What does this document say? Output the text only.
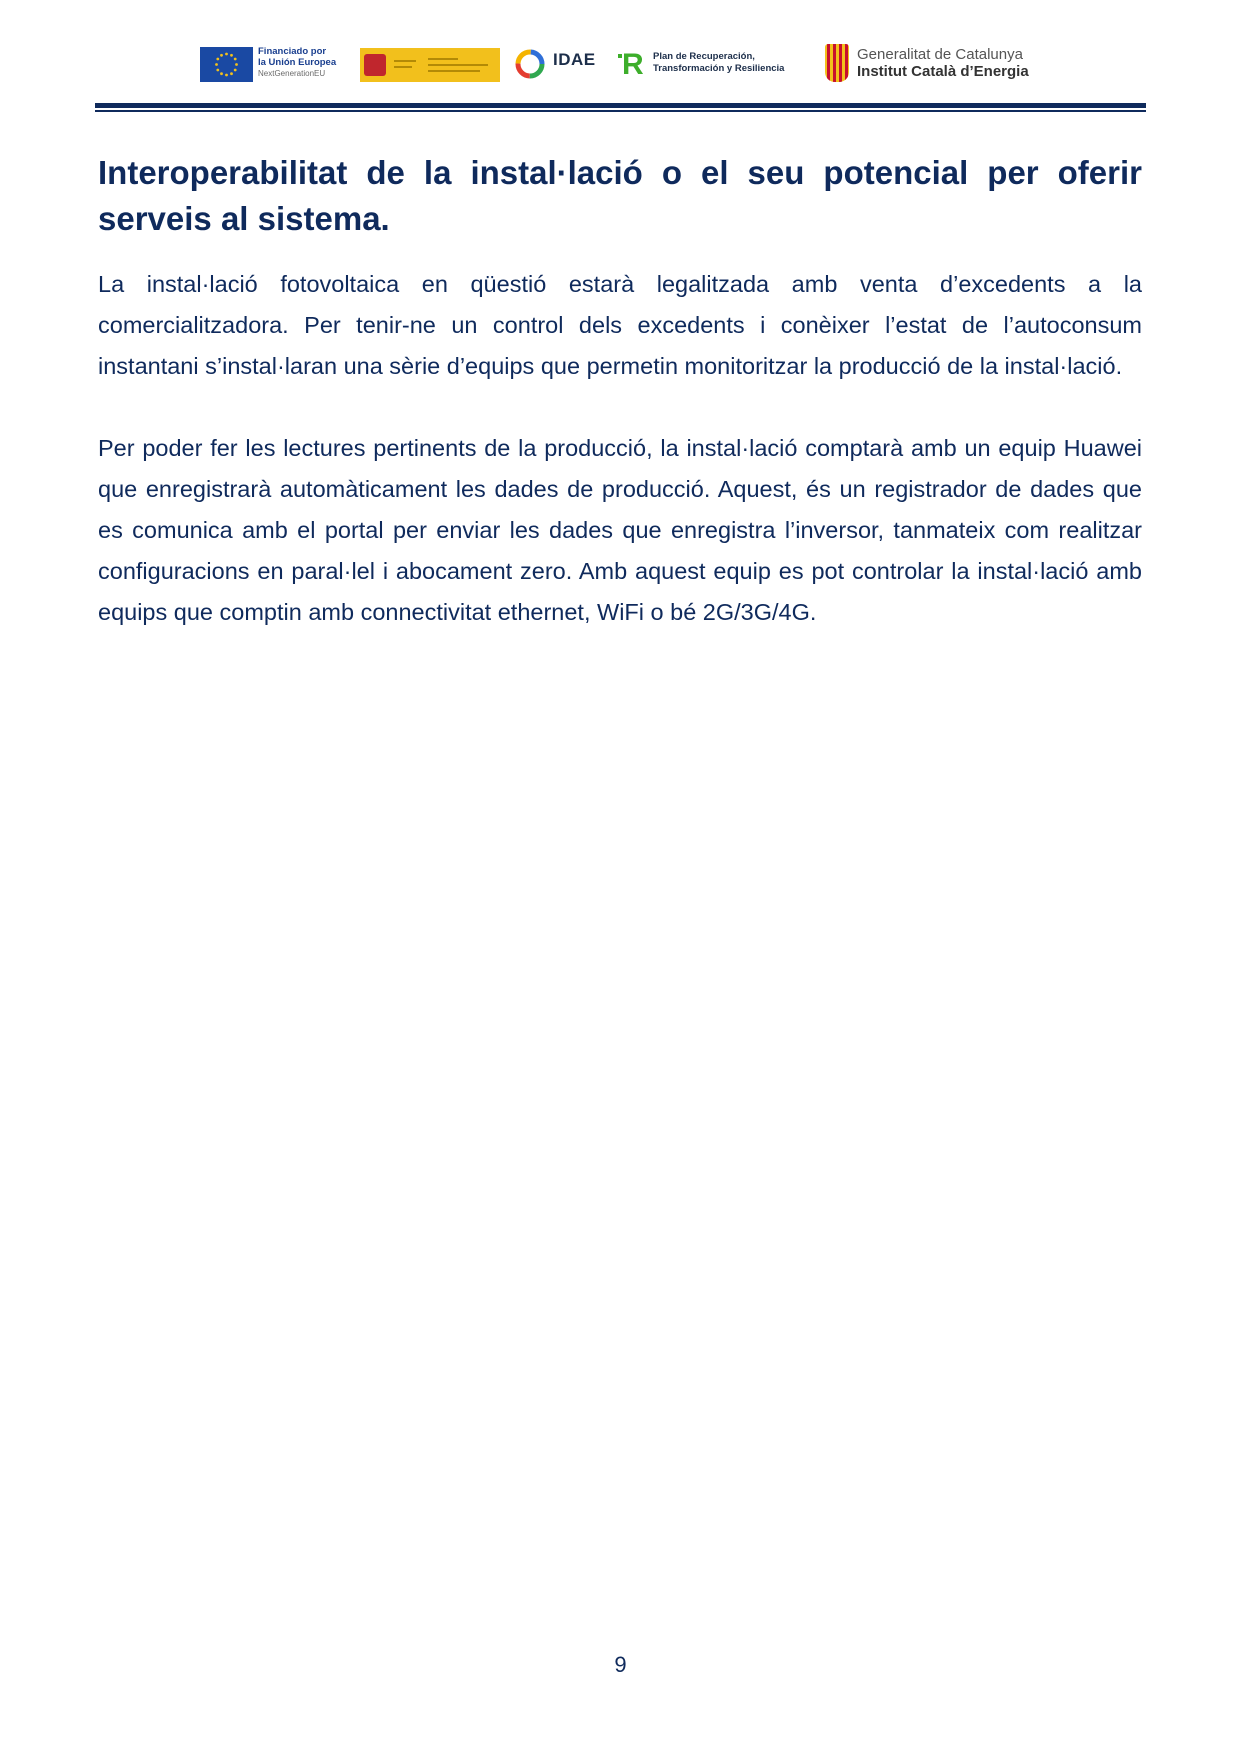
Financiado por
la Unión Europea
NextGenerationEU
IDAE R Plan de Recuperación,
Transformación y Resiliencia
Generalitat de Catalunya
Institut Català d’Energia
Interoperabilitat de la instal·lació o el seu potencial per oferir serveis al sistema.

La instal·lació fotovoltaica en qüestió estarà legalitzada amb venta d’excedents a la comercialitzadora. Per tenir-ne un control dels excedents i conèixer l’estat de l’autoconsum instantani s’instal·laran una sèrie d’equips que permetin monitoritzar la producció de la instal·lació.

Per poder fer les lectures pertinents de la producció, la instal·lació comptarà amb un equip Huawei que enregistrarà automàticament les dades de producció. Aquest, és un registrador de dades que es comunica amb el portal per enviar les dades que enregistra l’inversor, tanmateix com realitzar configuracions en paral·lel i abocament zero. Amb aquest equip es pot controlar la instal·lació amb equips que comptin amb connectivitat ethernet, WiFi o bé 2G/3G/4G.

9
